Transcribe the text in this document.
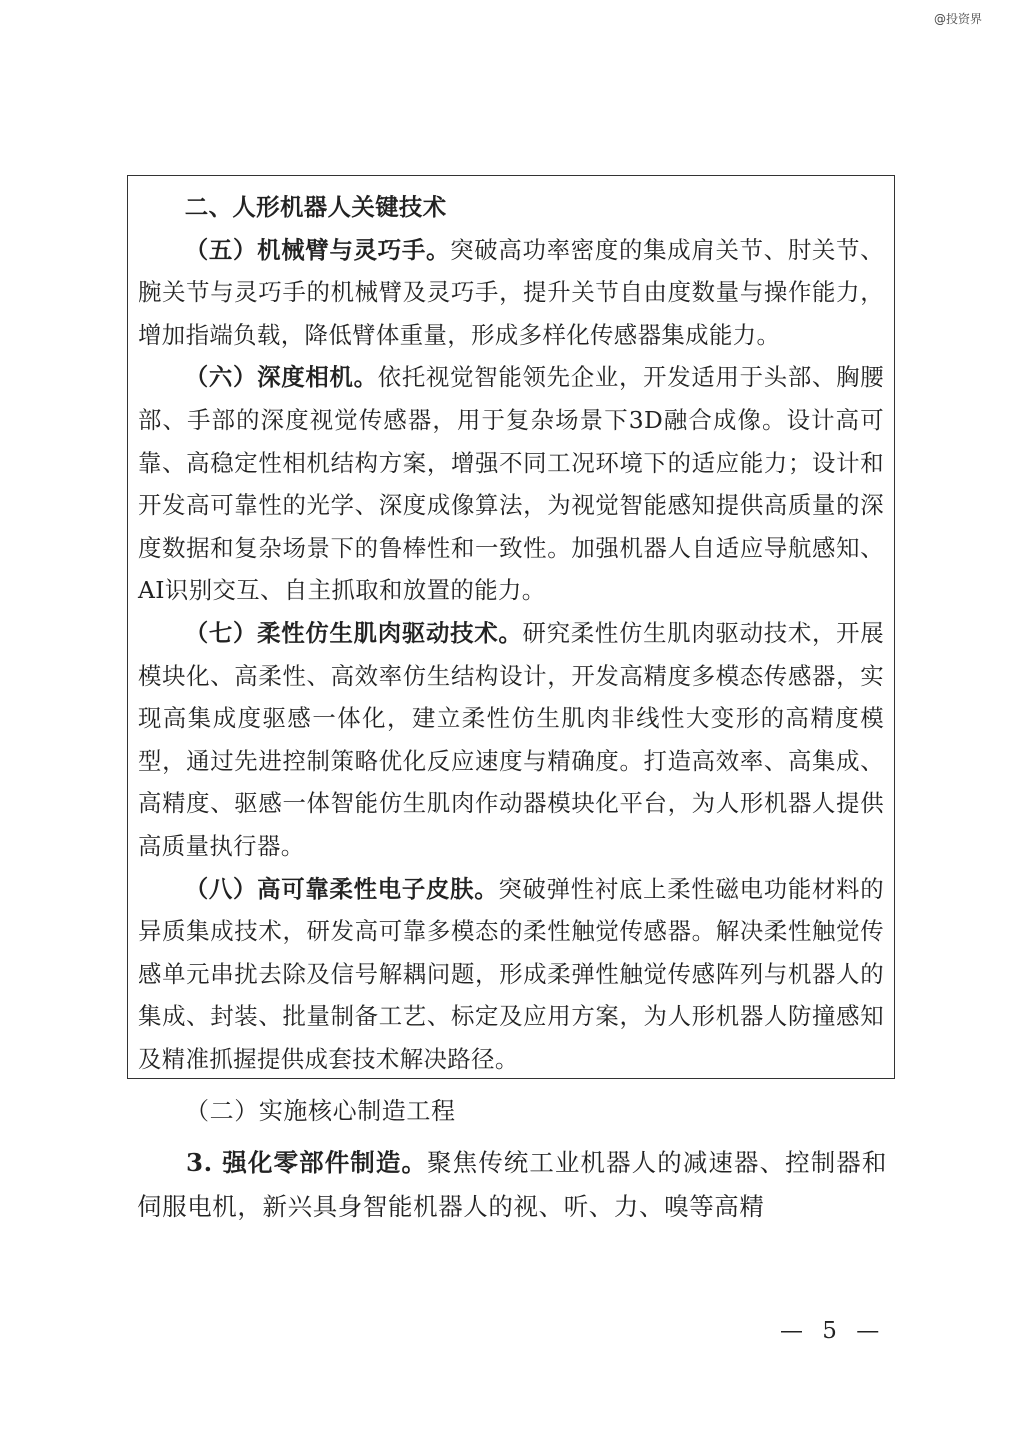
@投资界

二、人形机器人关键技术

（五）机械臂与灵巧手。突破高功率密度的集成肩关节、肘关节、腕关节与灵巧手的机械臂及灵巧手，提升关节自由度数量与操作能力，增加指端负载，降低臂体重量，形成多样化传感器集成能力。

（六）深度相机。依托视觉智能领先企业，开发适用于头部、胸腰部、手部的深度视觉传感器，用于复杂场景下3D融合成像。设计高可靠、高稳定性相机结构方案，增强不同工况环境下的适应能力；设计和开发高可靠性的光学、深度成像算法，为视觉智能感知提供高质量的深度数据和复杂场景下的鲁棒性和一致性。加强机器人自适应导航感知、AI识别交互、自主抓取和放置的能力。

（七）柔性仿生肌肉驱动技术。研究柔性仿生肌肉驱动技术，开展模块化、高柔性、高效率仿生结构设计，开发高精度多模态传感器，实现高集成度驱感一体化，建立柔性仿生肌肉非线性大变形的高精度模型，通过先进控制策略优化反应速度与精确度。打造高效率、高集成、高精度、驱感一体智能仿生肌肉作动器模块化平台，为人形机器人提供高质量执行器。

（八）高可靠柔性电子皮肤。突破弹性衬底上柔性磁电功能材料的异质集成技术，研发高可靠多模态的柔性触觉传感器。解决柔性触觉传感单元串扰去除及信号解耦问题，形成柔弹性触觉传感阵列与机器人的集成、封装、批量制备工艺、标定及应用方案，为人形机器人防撞感知及精准抓握提供成套技术解决路径。

（二）实施核心制造工程

3. 强化零部件制造。聚焦传统工业机器人的减速器、控制器和伺服电机，新兴具身智能机器人的视、听、力、嗅等高精

— 5 —
